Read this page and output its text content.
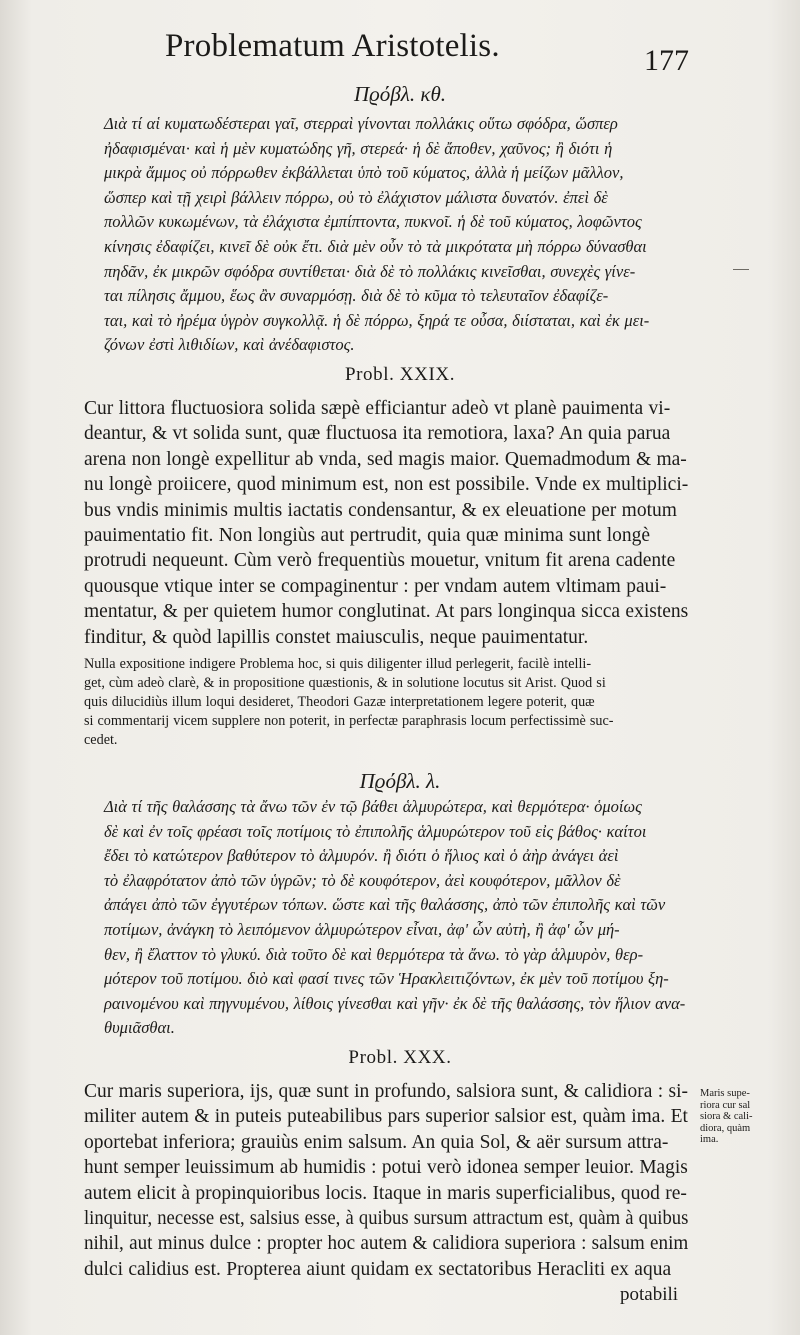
Problematum Aristotelis.	177
Πϱόβλ. κθ.
Διὰ τί αἱ κυματωδέστεραι γαῖ, στερραὶ γίνονται πολλάκις οὕτω σφόδρα, ὥσπερ
ἠδαφισμέναι· καὶ ἡ μὲν κυματώδης γῆ, στερεά· ἡ δὲ ἄποθεν, χαῦνος; ἢ διότι ἡ
μικρὰ ἄμμος οὐ πόρρωθεν ἐκβάλλεται ὑπὸ τοῦ κύματος, ἀλλὰ ἡ μείζων μᾶλλον,
ὥσπερ καὶ τῇ χειρὶ βάλλειν πόρρω, οὐ τὸ ἐλάχιστον μάλιστα δυνατόν. ἐπεὶ δὲ
πολλῶν κυκωμένων, τὰ ἐλάχιστα ἐμπίπτοντα, πυκνοῖ. ἡ δὲ τοῦ κύματος, λοφῶντος
κίνησις ἐδαφίζει, κινεῖ δὲ οὐκ ἔτι. διὰ μὲν οὖν τὸ τὰ μικρότατα μὴ πόρρω δύνασθαι
πηδᾶν, ἐκ μικρῶν σφόδρα συντίθεται· διὰ δὲ τὸ πολλάκις κινεῖσθαι, συνεχὲς γίνε-
ται πίλησις ἄμμου, ἕως ἂν συναρμόσῃ. διὰ δὲ τὸ κῦμα τὸ τελευταῖον ἐδαφίζε-
ται, καὶ τὸ ἠρέμα ὑγρὸν συγκολλᾷ. ἡ δὲ πόρρω, ξηρά τε οὖσα, διίσταται, καὶ ἐκ μει-
ζόνων ἐστὶ λιθιδίων, καὶ ἀνέδαφιστος.
Probl. XXIX.
Cur littora fluctuosiora solida sæpè efficiantur adeò vt planè pauimenta vi-
deantur, & vt solida sunt, quæ fluctuosa ita remotiora, laxa? An quia parua
arena non longè expellitur ab vnda, sed magis maior. Quemadmodum & ma-
nu longè proiicere, quod minimum est, non est possibile. Vnde ex multiplici-
bus vndis minimis multis iactatis condensantur, & ex eleuatione per motum
pauimentatio fit. Non longiùs aut pertrudit, quia quæ minima sunt longè
protrudi nequeunt. Cùm verò frequentiùs mouetur, vnitum fit arena cadente
quousque vtique inter se compaginentur : per vndam autem vltimam paui-
mentatur, & per quietem humor conglutinat. At pars longinqua sicca existens
finditur, & quòd lapillis constet maiusculis, neque pauimentatur.
Nulla expositione indigere Problema hoc, si quis diligenter illud perlegerit, facilè intelli-
get, cùm adeò clarè, & in propositione quæstionis, & in solutione locutus sit Arist. Quod si
quis dilucidiùs illum loqui desideret, Theodori Gazæ interpretationem legere poterit, quæ
si commentarij vicem supplere non poterit, in perfectæ paraphrasis locum perfectissimè suc-
cedet.
Πϱόβλ. λ.
Διὰ τί τῆς θαλάσσης τὰ ἄνω τῶν ἐν τῷ βάθει ἁλμυρώτερα, καὶ θερμότερα· ὁμοίως
δὲ καὶ ἐν τοῖς φρέασι τοῖς ποτίμοις τὸ ἐπιπολῆς ἁλμυρώτερον τοῦ εἰς βάθος· καίτοι
ἔδει τὸ κατώτερον βαθύτερον τὸ ἁλμυρόν. ἢ διότι ὁ ἥλιος καὶ ὁ ἀὴρ ἀνάγει ἀεὶ
τὸ ἐλαφρότατον ἀπὸ τῶν ὑγρῶν; τὸ δὲ κουφότερον, ἀεὶ κουφότερον, μᾶλλον δὲ
ἀπάγει ἀπὸ τῶν ἐγγυτέρων τόπων. ὥστε καὶ τῆς θαλάσσης, ἀπὸ τῶν ἐπιπολῆς καὶ τῶν
ποτίμων, ἀνάγκη τὸ λειπόμενον ἁλμυρώτερον εἶναι, ἀφ' ὧν αὐτὴ, ἢ ἀφ' ὧν μή-
θεν, ἢ ἔλαττον τὸ γλυκύ. διὰ τοῦτο δὲ καὶ θερμότερα τὰ ἄνω. τὸ γὰρ ἁλμυρὸν, θερ-
μότερον τοῦ ποτίμου. διὸ καὶ φασί τινες τῶν Ἡρακλειτιζόντων, ἐκ μὲν τοῦ ποτίμου ξη-
ραινομένου καὶ πηγνυμένου, λίθοις γίνεσθαι καὶ γῆν· ἐκ δὲ τῆς θαλάσσης, τὸν ἥλιον ανα-
θυμιᾶσθαι.
Probl. XXX.
Cur maris superiora, ijs, quæ sunt in profundo, salsiora sunt, & calidiora : si-
militer autem & in puteis puteabilibus pars superior salsior est, quàm ima. Et
oportebat inferiora; grauiùs enim salsum. An quia Sol, & aër sursum attra-
hunt semper leuissimum ab humidis : potui verò idonea semper leuior. Magis
autem elicit à propinquioribus locis. Itaque in maris superficialibus, quod re-
linquitur, necesse est, salsius esse, à quibus sursum attractum est, quàm à quibus
nihil, aut minus dulce : propter hoc autem & calidiora superiora : salsum enim
dulci calidius est. Propterea aiunt quidam ex sectatoribus Heracliti ex aqua
Maris supe-
riora cur sal
siora & cali-
diora, quàm
ima.
potabili
